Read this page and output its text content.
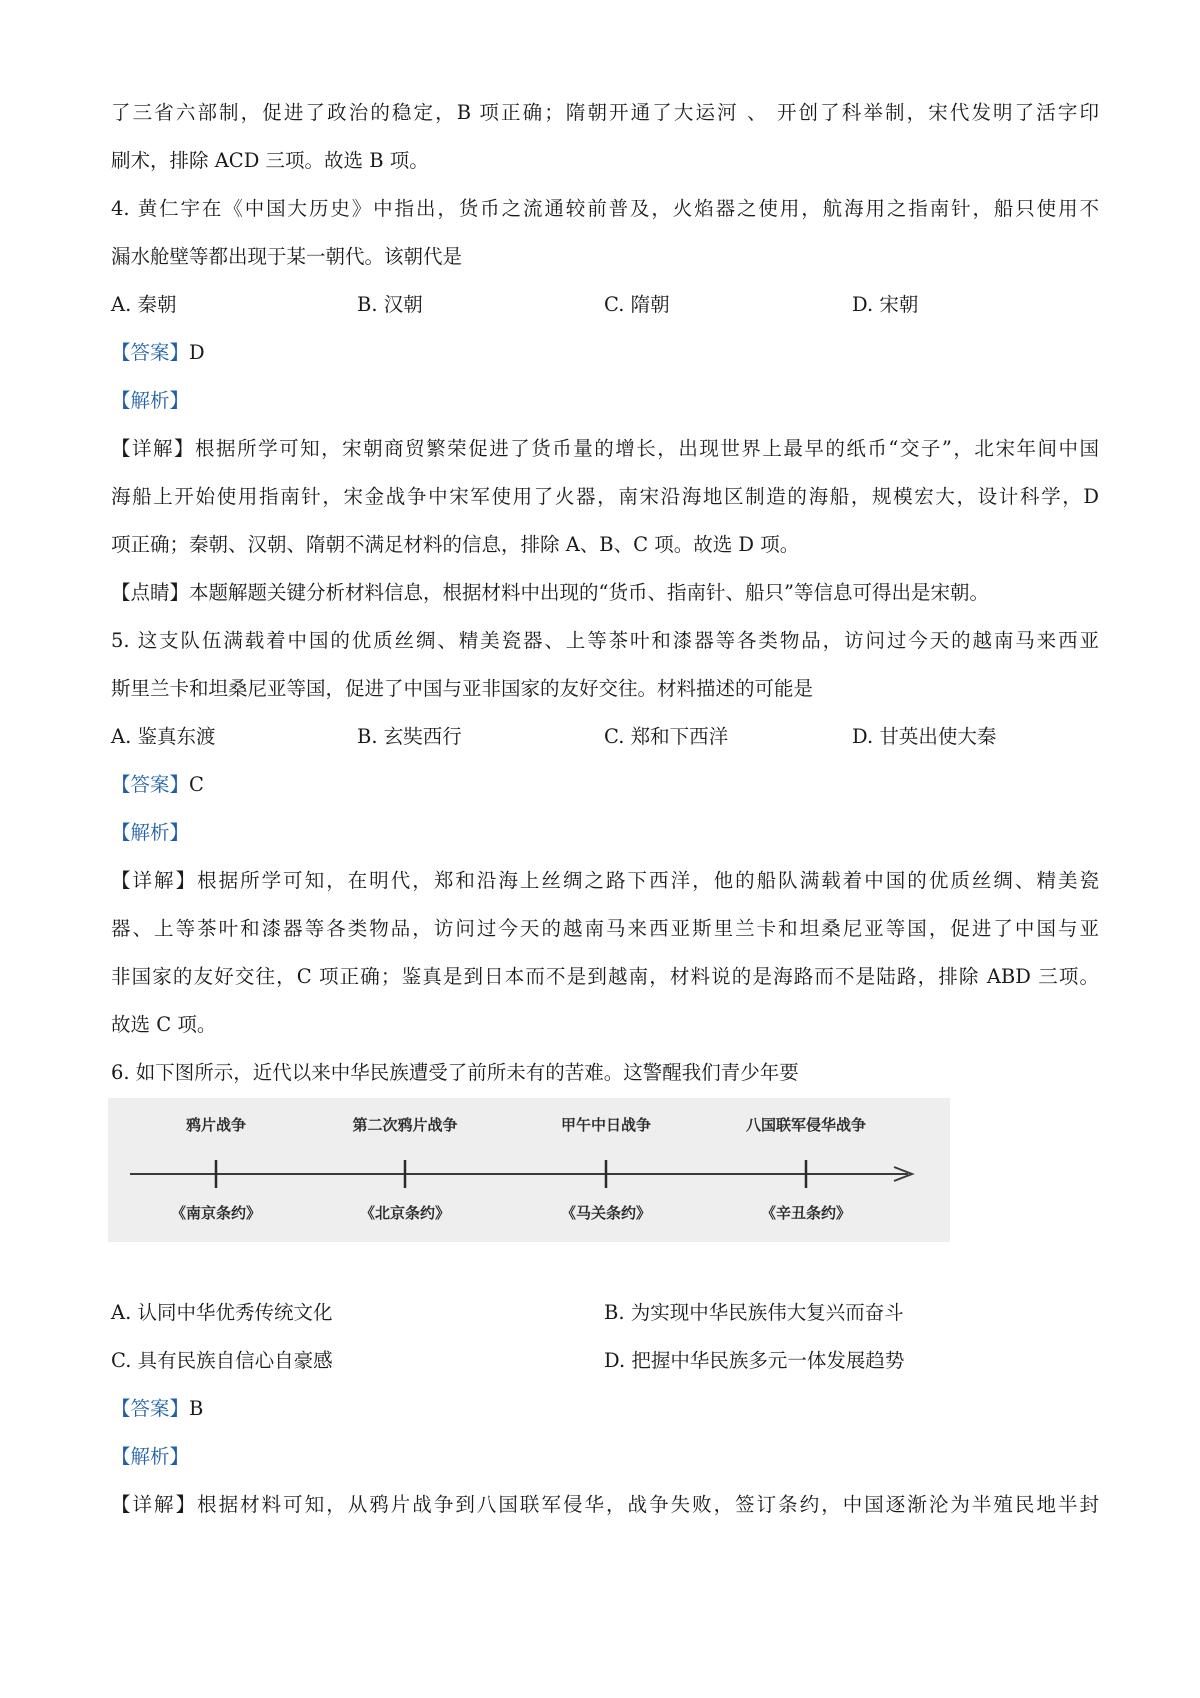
了三省六部制，促进了政治的稳定，B 项正确；隋朝开通了大运河 、 开创了科举制，宋代发明了活字印
刷术，排除 ACD 三项。故选 B 项。
4. 黄仁宇在《中国大历史》中指出，货币之流通较前普及，火焰器之使用，航海用之指南针，船只使用不
漏水舱壁等都出现于某一朝代。该朝代是
A. 秦朝	B. 汉朝	C. 隋朝	D. 宋朝
【答案】D
【解析】
【详解】根据所学可知，宋朝商贸繁荣促进了货币量的增长，出现世界上最早的纸币“交子”，北宋年间中国
海船上开始使用指南针，宋金战争中宋军使用了火器，南宋沿海地区制造的海船，规模宏大，设计科学，D
项正确；秦朝、汉朝、隋朝不满足材料的信息，排除 A、B、C 项。故选 D 项。
【点睛】本题解题关键分析材料信息，根据材料中出现的“货币、指南针、船只”等信息可得出是宋朝。
5. 这支队伍满载着中国的优质丝绸、精美瓷器、上等茶叶和漆器等各类物品，访问过今天的越南马来西亚
斯里兰卡和坦桑尼亚等国，促进了中国与亚非国家的友好交往。材料描述的可能是
A. 鉴真东渡	B. 玄奘西行	C. 郑和下西洋	D. 甘英出使大秦
【答案】C
【解析】
【详解】根据所学可知，在明代，郑和沿海上丝绸之路下西洋，他的船队满载着中国的优质丝绸、精美瓷
器、上等茶叶和漆器等各类物品，访问过今天的越南马来西亚斯里兰卡和坦桑尼亚等国，促进了中国与亚
非国家的友好交往，C 项正确；鉴真是到日本而不是到越南，材料说的是海路而不是陆路，排除 ABD 三项。
故选 C 项。
6. 如下图所示，近代以来中华民族遭受了前所未有的苦难。这警醒我们青少年要
鸦片战争	第二次鸦片战争	甲午中日战争	八国联军侵华战争
《南京条约》	《北京条约》	《马关条约》	《辛丑条约》
A. 认同中华优秀传统文化	B. 为实现中华民族伟大复兴而奋斗
C. 具有民族自信心自豪感	D. 把握中华民族多元一体发展趋势
【答案】B
【解析】
【详解】根据材料可知，从鸦片战争到八国联军侵华，战争失败，签订条约，中国逐渐沦为半殖民地半封
